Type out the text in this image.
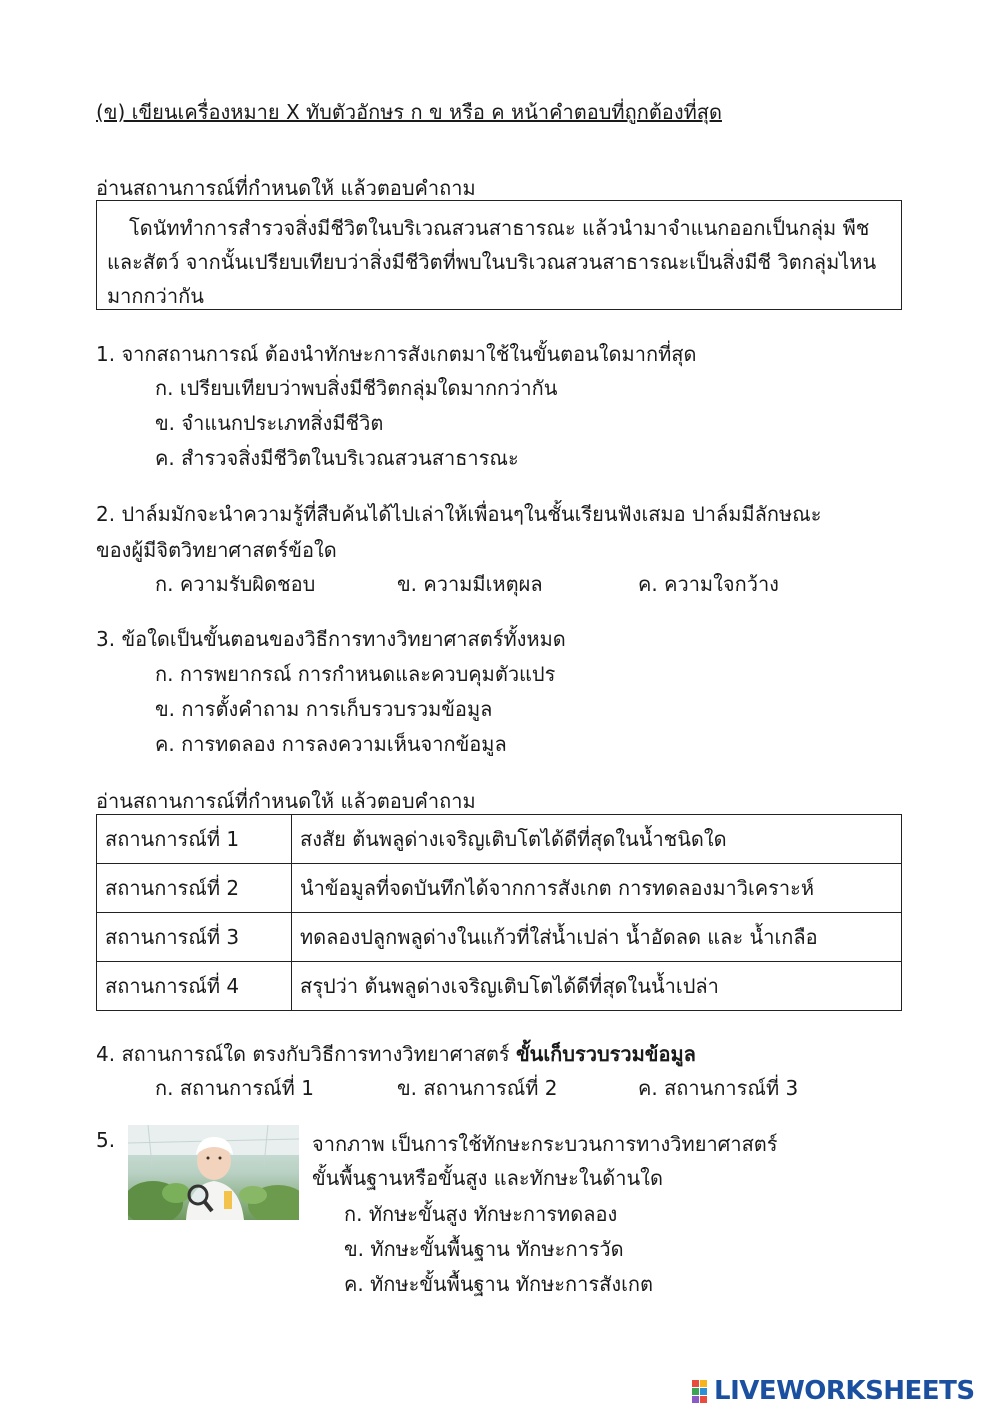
(ข) เขียนเครื่องหมาย X ทับตัวอักษร ก ข หรือ ค หน้าคำตอบที่ถูกต้องที่สุด
อ่านสถานการณ์ที่กำหนดให้ แล้วตอบคำถาม
โดนัททำการสำรวจสิ่งมีชีวิตในบริเวณสวนสาธารณะ แล้วนำมาจำแนกออกเป็นกลุ่ม พืชและสัตว์ จากนั้นเปรียบเทียบว่าสิ่งมีชีวิตที่พบในบริเวณสวนสาธารณะเป็นสิ่งมีชี วิตกลุ่มไหนมากกว่ากัน
1. จากสถานการณ์ ต้องนำทักษะการสังเกตมาใช้ในขั้นตอนใดมากที่สุด
ก. เปรียบเทียบว่าพบสิ่งมีชีวิตกลุ่มใดมากกว่ากัน
ข. จำแนกประเภทสิ่งมีชีวิต
ค. สำรวจสิ่งมีชีวิตในบริเวณสวนสาธารณะ
2. ปาล์มมักจะนำความรู้ที่สืบค้นได้ไปเล่าให้เพื่อนๆในชั้นเรียนฟังเสมอ ปาล์มมีลักษณะ
ของผู้มีจิตวิทยาศาสตร์ข้อใด
ก. ความรับผิดชอบ	ข. ความมีเหตุผล	ค. ความใจกว้าง
3. ข้อใดเป็นขั้นตอนของวิธีการทางวิทยาศาสตร์ทั้งหมด
ก. การพยากรณ์ การกำหนดและควบคุมตัวแปร
ข. การตั้งคำถาม การเก็บรวบรวมข้อมูล
ค. การทดลอง การลงความเห็นจากข้อมูล
อ่านสถานการณ์ที่กำหนดให้ แล้วตอบคำถาม
สถานการณ์ที่ 1	สงสัย ต้นพลูด่างเจริญเติบโตได้ดีที่สุดในน้ำชนิดใด
สถานการณ์ที่ 2	นำข้อมูลที่จดบันทึกได้จากการสังเกต การทดลองมาวิเคราะห์
สถานการณ์ที่ 3	ทดลองปลูกพลูด่างในแก้วที่ใส่น้ำเปล่า น้ำอัดลด และ น้ำเกลือ
สถานการณ์ที่ 4	สรุปว่า ต้นพลูด่างเจริญเติบโตได้ดีที่สุดในน้ำเปล่า
4. สถานการณ์ใด ตรงกับวิธีการทางวิทยาศาสตร์ ขั้นเก็บรวบรวมข้อมูล
ก. สถานการณ์ที่ 1	ข. สถานการณ์ที่ 2	ค. สถานการณ์ที่ 3
5.	จากภาพ เป็นการใช้ทักษะกระบวนการทางวิทยาศาสตร์
ขั้นพื้นฐานหรือขั้นสูง และทักษะในด้านใด
ก. ทักษะขั้นสูง ทักษะการทดลอง
ข. ทักษะขั้นพื้นฐาน ทักษะการวัด
ค. ทักษะขั้นพื้นฐาน ทักษะการสังเกต
LIVEWORKSHEETS
